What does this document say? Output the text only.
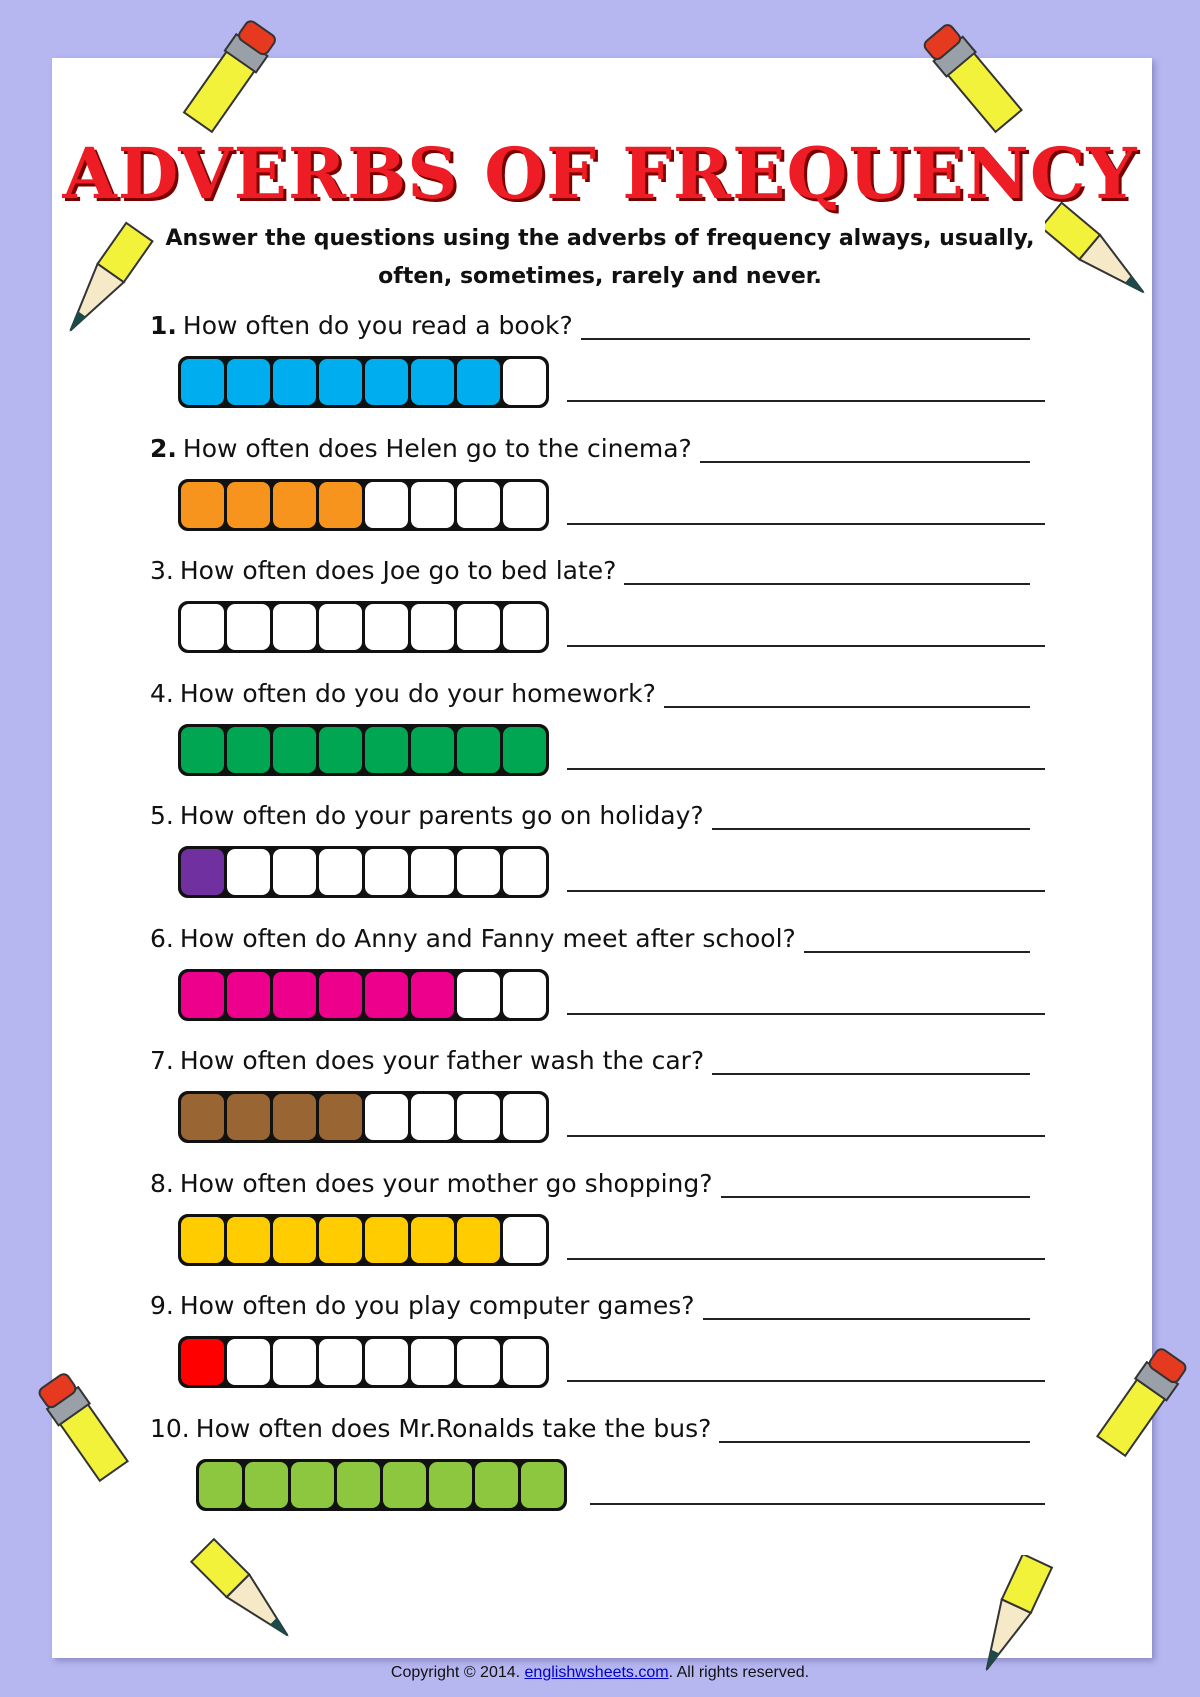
ADVERBS OF FREQUENCY

Answer the questions using the adverbs of frequency always, usually, often, sometimes, rarely and never.

1. How often do you read a book?
2. How often does Helen go to the cinema?
3. How often does Joe go to bed late?
4. How often do you do your homework?
5. How often do your parents go on holiday?
6. How often do Anny and Fanny meet after school?
7. How often does your father wash the car?
8. How often does your mother go shopping?
9. How often do you play computer games?
10. How often does Mr.Ronalds take the bus?

Copyright © 2014. englishwsheets.com. All rights reserved.
